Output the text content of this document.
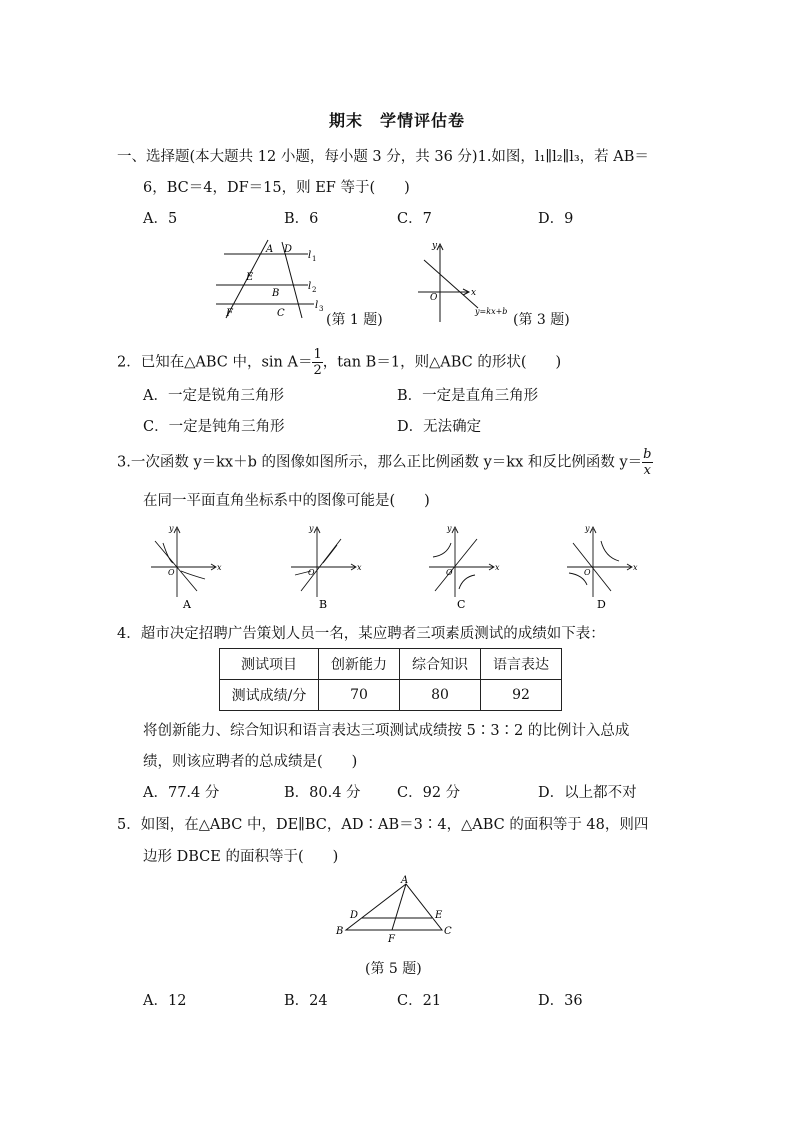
期末　学情评估卷
一、选择题(本大题共 12 小题，每小题 3 分，共 36 分)1.如图，l₁∥l₂∥l₃，若 AB＝
6，BC＝4，DF＝15，则 EF 等于(　　)
A．5	B．6	C．7	D．9
A D
E
B
F	C
l
l
l
1
2
3
(第 1 题)
y
x
O
y=kx+b
(第 3 题)
2．已知在△ABC 中，$\sin A= \frac{1}{2}$ ，tan B＝1，则△ABC 的形状(　　)
A．一定是锐角三角形	B．一定是直角三角形
C．一定是钝角三角形	D．无法确定
3.一次函数 y＝kx＋b 的图像如图所示，那么正比例函数 y＝kx 和反比例函数 $y= \frac{b}{x}$
在同一平面直角坐标系中的图像可能是(　　)
y
x
O
y
x
O
y
x
O
y
x
O
A	B	C	D
4．超市决定招聘广告策划人员一名，某应聘者三项素质测试的成绩如下表：
测试项目	创新能力	综合知识	语言表达
测试成绩/分	70	80	92
将创新能力、综合知识和语言表达三项测试成绩按 5∶3∶2 的比例计入总成
绩，则该应聘者的总成绩是(　　)
A．77.4 分	B．80.4 分	C．92 分	D．以上都不对
5．如图，在△ABC 中，DE∥BC，AD∶AB＝3∶4，△ABC 的面积等于 48，则四
边形 DBCE 的面积等于(　　)
A
B	C
D	E
F
(第 5 题)
A．12	B．24	C．21	D．36
